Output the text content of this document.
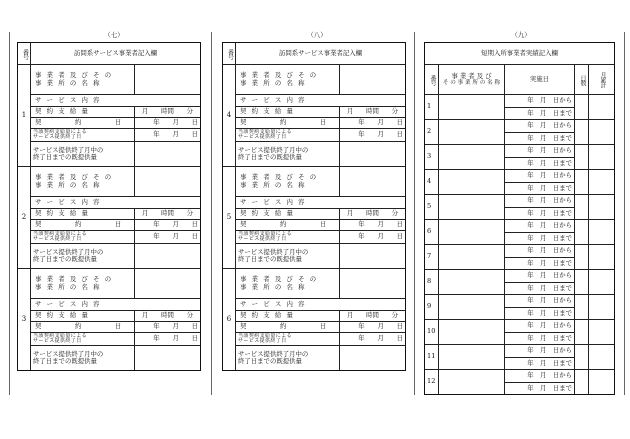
（七）	（八）	（九）
番号	訪問系サービス事業者記入欄	
1	事 業 者 及 び そ の
事 業 所 の 名 称	

	サ ー ビ ス 内 容	
	契 約 支 給 量	月　　時間　　分
	契　　　　約　　　　日	年　　月　　日

	当該契約支給量による
サービス提供終了日	年　　月　　日

	サービス提供終了月中の
終了日までの既提供量	

2	事 業 者 及 び そ の
事 業 所 の 名 称	

	サ ー ビ ス 内 容	
	契 約 支 給 量	月　　時間　　分
	契　　　　約　　　　日	年　　月　　日

	当該契約支給量による
サービス提供終了日	年　　月　　日

	サービス提供終了月中の
終了日までの既提供量	

3	事 業 者 及 び そ の
事 業 所 の 名 称	

	サ ー ビ ス 内 容	
	契 約 支 給 量	月　　時間　　分
	契　　　　約　　　　日	年　　月　　日

	当該契約支給量による
サービス提供終了日	年　　月　　日

	サービス提供終了月中の
終了日までの既提供量	

番号	訪問系サービス事業者記入欄	
4	事 業 者 及 び そ の
事 業 所 の 名 称	

	サ ー ビ ス 内 容	
	契 約 支 給 量	月　　時間　　分
	契　　　　約　　　　日	年　　月　　日

	当該契約支給量による
サービス提供終了日	年　　月　　日

	サービス提供終了月中の
終了日までの既提供量	

5	事 業 者 及 び そ の
事 業 所 の 名 称	

	サ ー ビ ス 内 容	
	契 約 支 給 量	月　　時間　　分
	契　　　　約　　　　日	年　　月　　日

	当該契約支給量による
サービス提供終了日	年　　月　　日

	サービス提供終了月中の
終了日までの既提供量	

6	事 業 者 及 び そ の
事 業 所 の 名 称	

	サ ー ビ ス 内 容	
	契 約 支 給 量	月　　時間　　分
	契　　　　約　　　　日	年　　月　　日

	当該契約支給量による
サービス提供終了日	年　　月　　日

	サービス提供終了月中の
終了日までの既提供量	

短期入所事業者実績記入欄				

番号	事 業 者 及 び
そ の 事 業 所 の 名 称	実施日	日数	月累計

1		年　月　日から		
		年　月　日まで		
2		年　月　日から		
		年　月　日まで		
3		年　月　日から		
		年　月　日まで		
4		年　月　日から		
		年　月　日まで		
5		年　月　日から		
		年　月　日まで		
6		年　月　日から		
		年　月　日まで		
7		年　月　日から		
		年　月　日まで		
8		年　月　日から		
		年　月　日まで		
9		年　月　日から		
		年　月　日まで		
10		年　月　日から		
		年　月　日まで		
11		年　月　日から		
		年　月　日まで		
12		年　月　日から		
		年　月　日まで		
